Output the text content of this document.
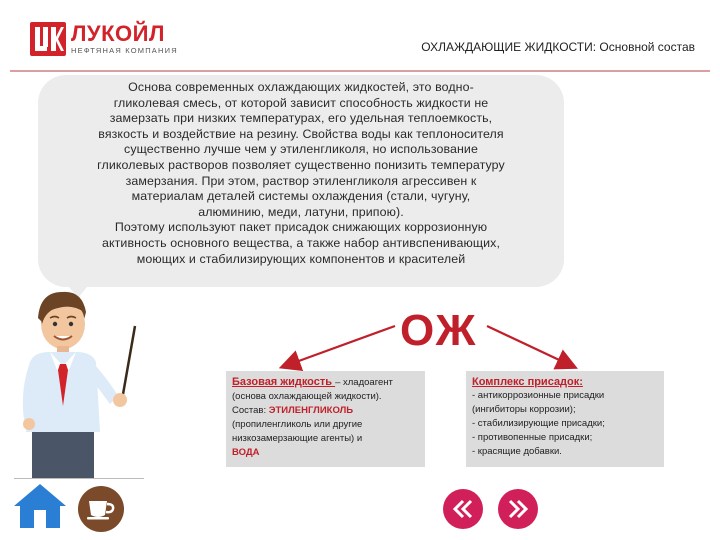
ЛУКОЙЛ
НЕФТЯНАЯ КОМПАНИЯ	ОХЛАЖДАЮЩИЕ ЖИДКОСТИ: Основной состав
Основа современных охлаждающих жидкостей, это водно-
гликолевая смесь, от которой зависит способность жидкости не
замерзать при низких температурах, его удельная теплоемкость,
вязкость и воздействие на резину. Свойства воды как теплоносителя
существенно лучше чем у этиленгликоля, но использование
гликолевых растворов позволяет существенно понизить температуру
замерзания. При этом, раствор этиленгликоля агрессивен к
материалам деталей системы охлаждения (стали, чугуну,
алюминию, меди, латуни, припою).
Поэтому используют пакет присадок снижающих коррозионную
активность основного вещества, а также набор антивспенивающих,
моющих и стабилизирующих компонентов и красителей
ОЖ
Базовая жидкость – хладоагент
(основа охлаждающей жидкости).
Состав: ЭТИЛЕНГЛИКОЛЬ
(пропиленгликоль или другие
низкозамерзающие агенты) и
ВОДА
Комплекс присадок:
- антикоррозионные присадки
(ингибиторы коррозии);
- стабилизирующие присадки;
- противопенные присадки;
- красящие добавки.
